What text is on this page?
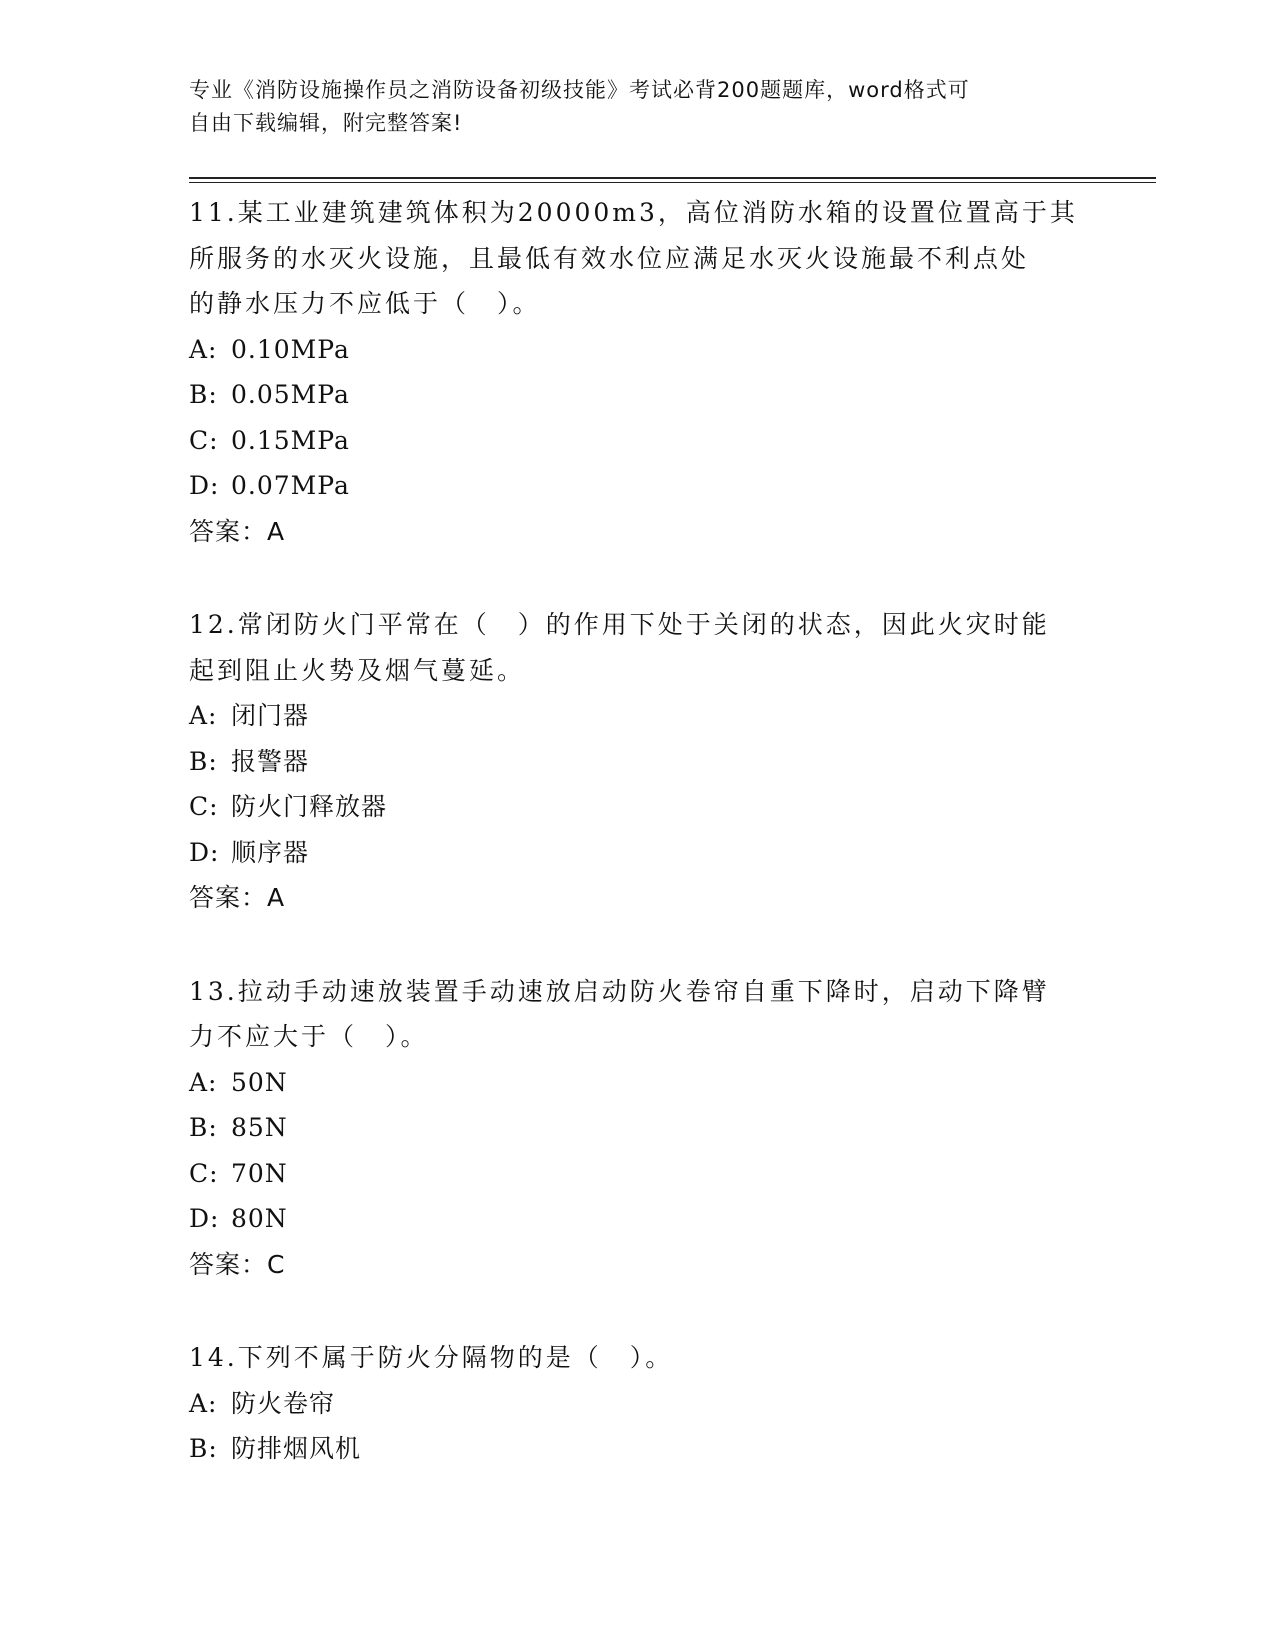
专业《消防设施操作员之消防设备初级技能》考试必背200题题库，word格式可
自由下载编辑，附完整答案!
11.某工业建筑建筑体积为20000m3，高位消防水箱的设置位置高于其
所服务的水灭火设施，且最低有效水位应满足水灭火设施最不利点处
的静水压力不应低于（　）。
A: 0.10MPa
B: 0.05MPa
C: 0.15MPa
D: 0.07MPa
答案：A
12.常闭防火门平常在（　）的作用下处于关闭的状态，因此火灾时能
起到阻止火势及烟气蔓延。
A: 闭门器
B: 报警器
C: 防火门释放器
D: 顺序器
答案：A
13.拉动手动速放装置手动速放启动防火卷帘自重下降时，启动下降臂
力不应大于（　）。
A: 50N
B: 85N
C: 70N
D: 80N
答案：C
14.下列不属于防火分隔物的是（　）。
A: 防火卷帘
B: 防排烟风机
